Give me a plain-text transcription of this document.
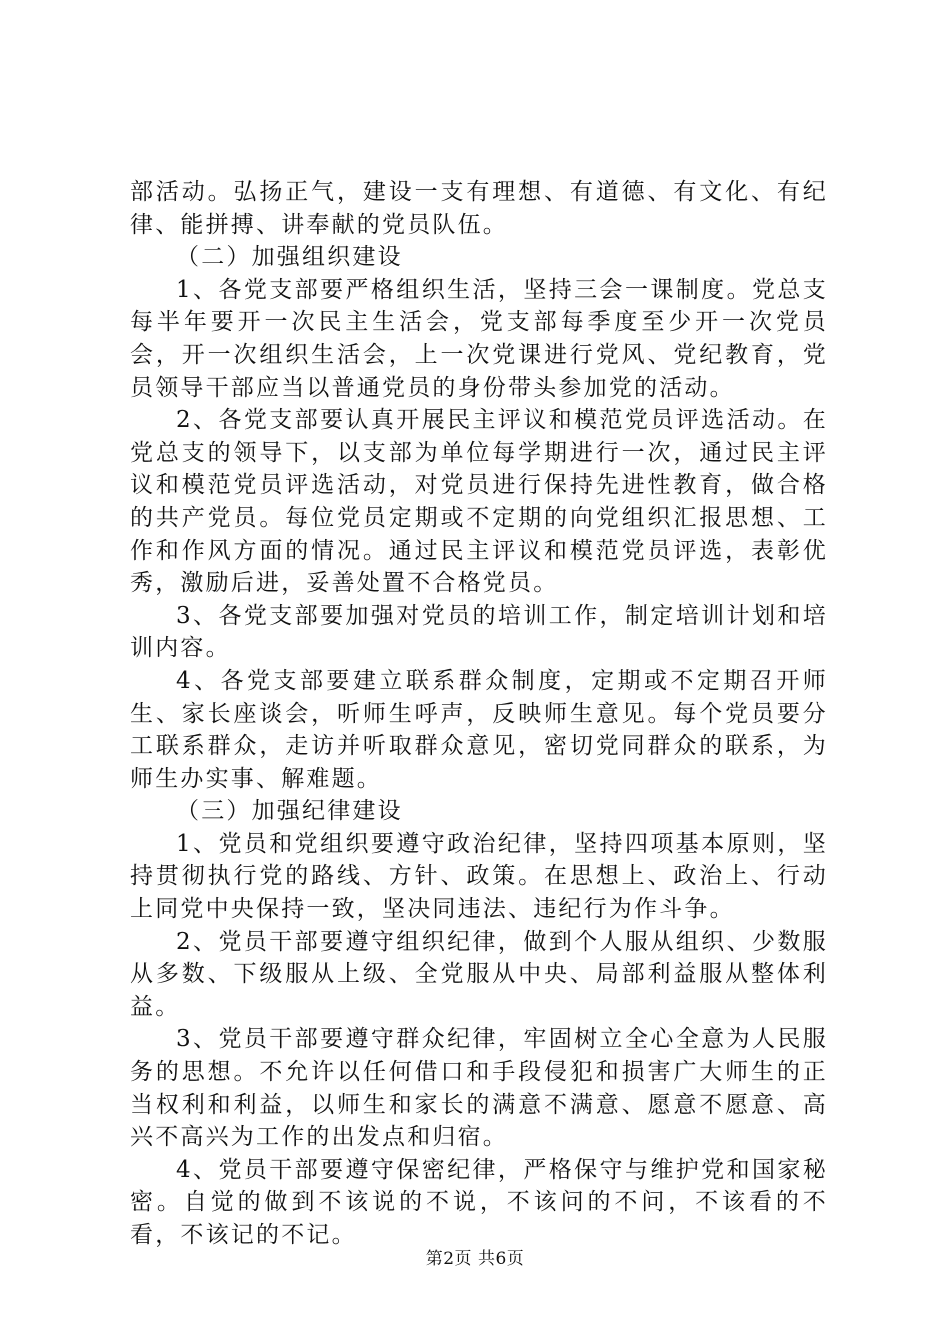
部活动。弘扬正气，建设一支有理想、有道德、有文化、有纪律、能拼搏、讲奉献的党员队伍。

（二）加强组织建设

1、各党支部要严格组织生活，坚持三会一课制度。党总支每半年要开一次民主生活会，党支部每季度至少开一次党员会，开一次组织生活会，上一次党课进行党风、党纪教育，党员领导干部应当以普通党员的身份带头参加党的活动。

2、各党支部要认真开展民主评议和模范党员评选活动。在党总支的领导下，以支部为单位每学期进行一次，通过民主评议和模范党员评选活动，对党员进行保持先进性教育，做合格的共产党员。每位党员定期或不定期的向党组织汇报思想、工作和作风方面的情况。通过民主评议和模范党员评选，表彰优秀，激励后进，妥善处置不合格党员。

3、各党支部要加强对党员的培训工作，制定培训计划和培训内容。

4、各党支部要建立联系群众制度，定期或不定期召开师生、家长座谈会，听师生呼声，反映师生意见。每个党员要分工联系群众，走访并听取群众意见，密切党同群众的联系，为师生办实事、解难题。

（三）加强纪律建设

1、党员和党组织要遵守政治纪律，坚持四项基本原则，坚持贯彻执行党的路线、方针、政策。在思想上、政治上、行动上同党中央保持一致，坚决同违法、违纪行为作斗争。

2、党员干部要遵守组织纪律，做到个人服从组织、少数服从多数、下级服从上级、全党服从中央、局部利益服从整体利益。

3、党员干部要遵守群众纪律，牢固树立全心全意为人民服务的思想。不允许以任何借口和手段侵犯和损害广大师生的正当权利和利益，以师生和家长的满意不满意、愿意不愿意、高兴不高兴为工作的出发点和归宿。

4、党员干部要遵守保密纪律，严格保守与维护党和国家秘密。自觉的做到不该说的不说，不该问的不问，不该看的不看，不该记的不记。

第2页 共6页
